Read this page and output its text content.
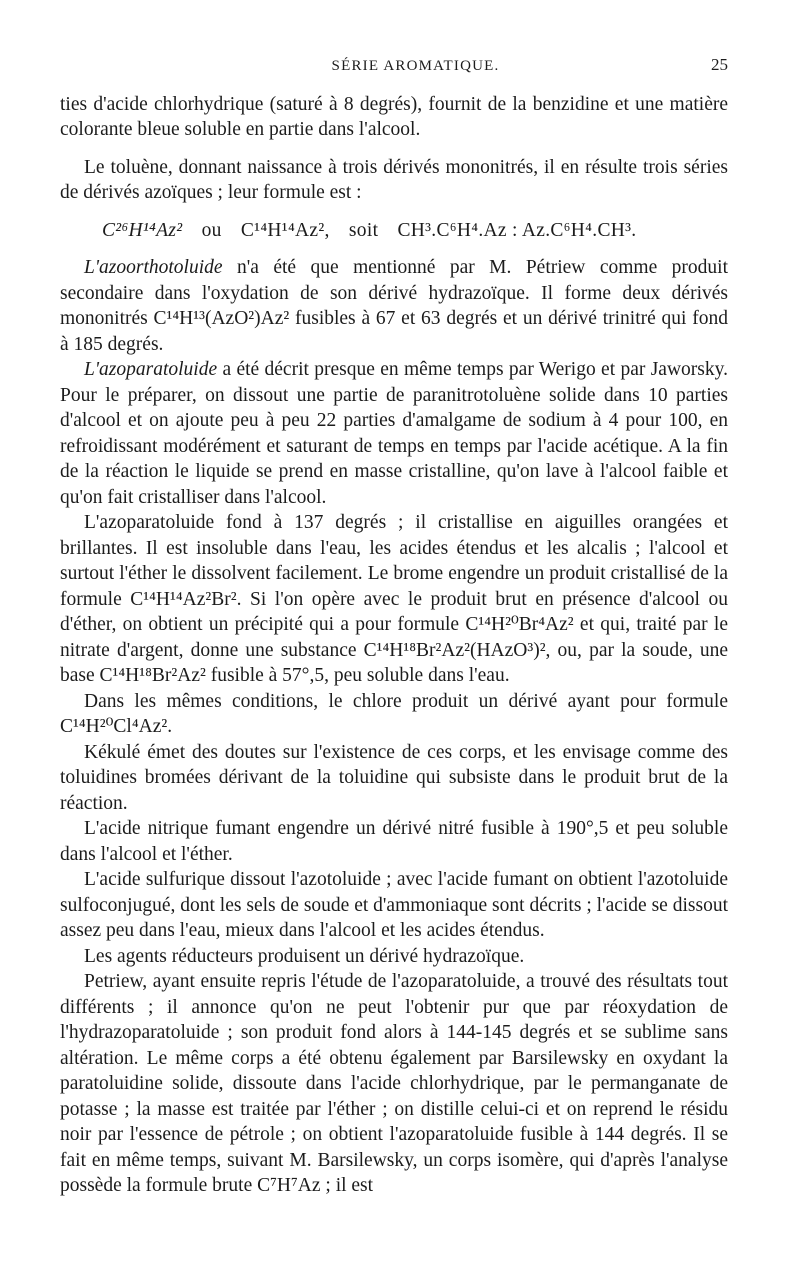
SÉRIE AROMATIQUE.	25

ties d'acide chlorhydrique (saturé à 8 degrés), fournit de la benzidine et une matière colorante bleue soluble en partie dans l'alcool.

Le toluène, donnant naissance à trois dérivés mononitrés, il en résulte trois séries de dérivés azoïques ; leur formule est :

C²⁶H¹⁴Az² ou C¹⁴H¹⁴Az², soit CH³.C⁶H⁴.Az : Az.C⁶H⁴.CH³.

L'azoorthotoluide n'a été que mentionné par M. Pétriew comme produit secondaire dans l'oxydation de son dérivé hydrazoïque. Il forme deux dérivés mononitrés C¹⁴H¹³(AzO²)Az² fusibles à 67 et 63 degrés et un dérivé trinitré qui fond à 185 degrés.

L'azoparatoluide a été décrit presque en même temps par Werigo et par Jaworsky. Pour le préparer, on dissout une partie de paranitrotoluène solide dans 10 parties d'alcool et on ajoute peu à peu 22 parties d'amalgame de sodium à 4 pour 100, en refroidissant modérément et saturant de temps en temps par l'acide acétique. A la fin de la réaction le liquide se prend en masse cristalline, qu'on lave à l'alcool faible et qu'on fait cristalliser dans l'alcool.

L'azoparatoluide fond à 137 degrés ; il cristallise en aiguilles orangées et brillantes. Il est insoluble dans l'eau, les acides étendus et les alcalis ; l'alcool et surtout l'éther le dissolvent facilement. Le brome engendre un produit cristallisé de la formule C¹⁴H¹⁴Az²Br². Si l'on opère avec le produit brut en présence d'alcool ou d'éther, on obtient un précipité qui a pour formule C¹⁴H²⁰Br⁴Az² et qui, traité par le nitrate d'argent, donne une substance C¹⁴H¹⁸Br²Az²(HAzO³)², ou, par la soude, une base C¹⁴H¹⁸Br²Az² fusible à 57°,5, peu soluble dans l'eau.

Dans les mêmes conditions, le chlore produit un dérivé ayant pour formule C¹⁴H²⁰Cl⁴Az².

Kékulé émet des doutes sur l'existence de ces corps, et les envisage comme des toluidines bromées dérivant de la toluidine qui subsiste dans le produit brut de la réaction.

L'acide nitrique fumant engendre un dérivé nitré fusible à 190°,5 et peu soluble dans l'alcool et l'éther.

L'acide sulfurique dissout l'azotoluide ; avec l'acide fumant on obtient l'azotoluide sulfoconjugué, dont les sels de soude et d'ammoniaque sont décrits ; l'acide se dissout assez peu dans l'eau, mieux dans l'alcool et les acides étendus.

Les agents réducteurs produisent un dérivé hydrazoïque.

Petriew, ayant ensuite repris l'étude de l'azoparatoluide, a trouvé des résultats tout différents ; il annonce qu'on ne peut l'obtenir pur que par réoxydation de l'hydrazoparatoluide ; son produit fond alors à 144-145 degrés et se sublime sans altération. Le même corps a été obtenu également par Barsilewsky en oxydant la paratoluidine solide, dissoute dans l'acide chlorhydrique, par le permanganate de potasse ; la masse est traitée par l'éther ; on distille celui-ci et on reprend le résidu noir par l'essence de pétrole ; on obtient l'azoparatoluide fusible à 144 degrés. Il se fait en même temps, suivant M. Barsilewsky, un corps isomère, qui d'après l'analyse possède la formule brute C⁷H⁷Az ; il est
